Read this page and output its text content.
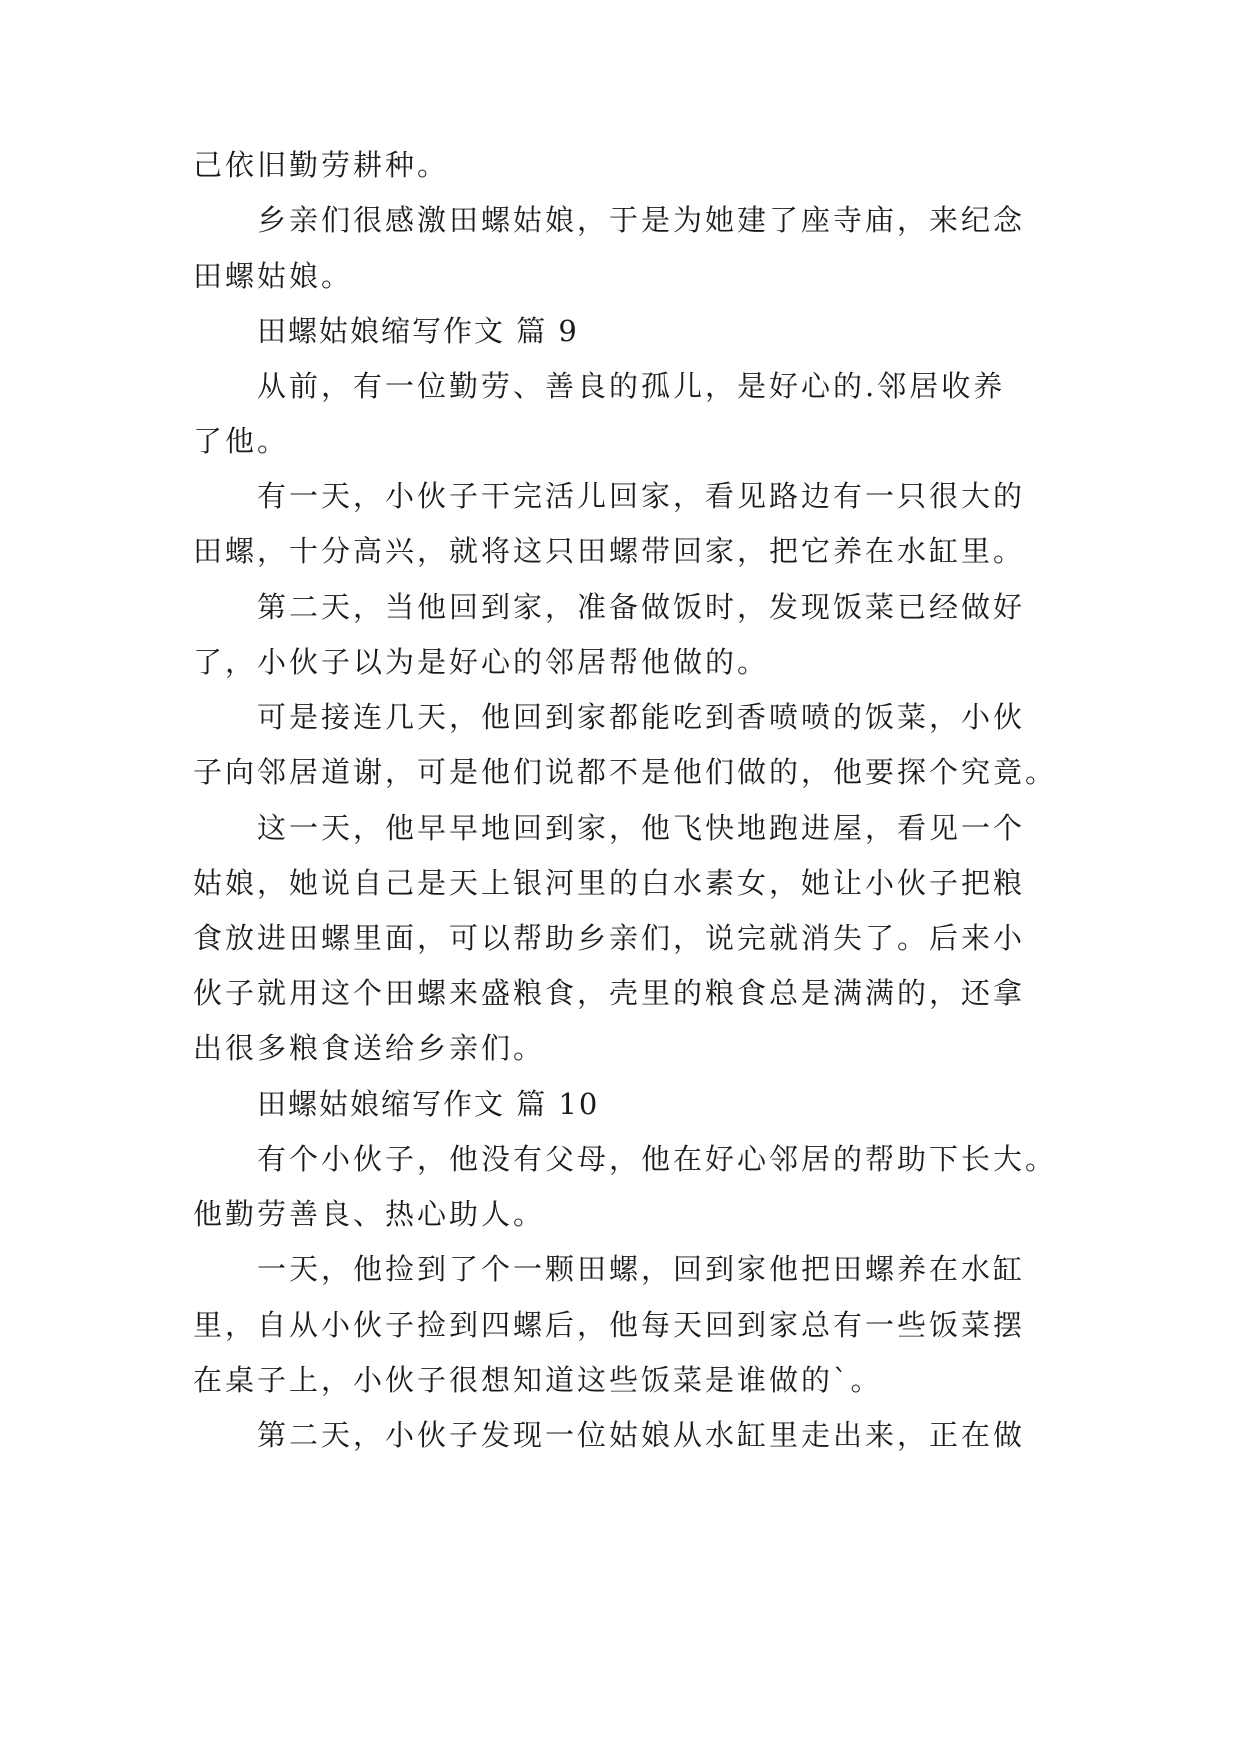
己依旧勤劳耕种。
乡亲们很感激田螺姑娘，于是为她建了座寺庙，来纪念
田螺姑娘。
田螺姑娘缩写作文 篇 9
从前，有一位勤劳、善良的孤儿，是好心的.邻居收养
了他。
有一天，小伙子干完活儿回家，看见路边有一只很大的
田螺，十分高兴，就将这只田螺带回家，把它养在水缸里。
第二天，当他回到家，准备做饭时，发现饭菜已经做好
了，小伙子以为是好心的邻居帮他做的。
可是接连几天，他回到家都能吃到香喷喷的饭菜，小伙
子向邻居道谢，可是他们说都不是他们做的，他要探个究竟。
这一天，他早早地回到家，他飞快地跑进屋，看见一个
姑娘，她说自己是天上银河里的白水素女，她让小伙子把粮
食放进田螺里面，可以帮助乡亲们，说完就消失了。后来小
伙子就用这个田螺来盛粮食，壳里的粮食总是满满的，还拿
出很多粮食送给乡亲们。
田螺姑娘缩写作文 篇 10
有个小伙子，他没有父母，他在好心邻居的帮助下长大。
他勤劳善良、热心助人。
一天，他捡到了个一颗田螺，回到家他把田螺养在水缸
里，自从小伙子捡到四螺后，他每天回到家总有一些饭菜摆
在桌子上，小伙子很想知道这些饭菜是谁做的`。
第二天，小伙子发现一位姑娘从水缸里走出来，正在做
